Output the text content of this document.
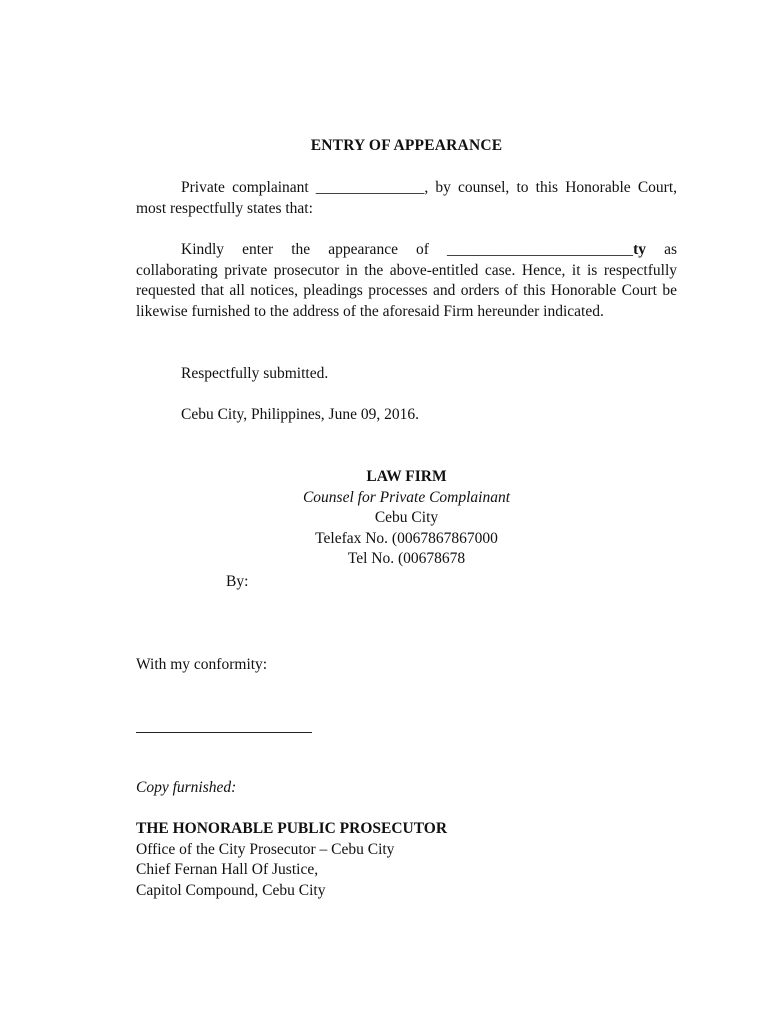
ENTRY OF APPEARANCE
Private complainant ______________, by counsel, to this Honorable Court, most respectfully states that:
Kindly enter the appearance of ________________________ty as collaborating private prosecutor in the above-entitled case. Hence, it is respectfully requested that all notices, pleadings processes and orders of this Honorable Court be likewise furnished to the address of the aforesaid Firm hereunder indicated.
Respectfully submitted.
Cebu City, Philippines, June 09, 2016.
LAW FIRM
Counsel for Private Complainant
Cebu City
Telefax No. (0067867867000
Tel No. (00678678
By:
With my conformity:
Copy furnished:
THE HONORABLE PUBLIC PROSECUTOR
Office of the City Prosecutor – Cebu City
Chief Fernan Hall Of Justice,
Capitol Compound, Cebu City
